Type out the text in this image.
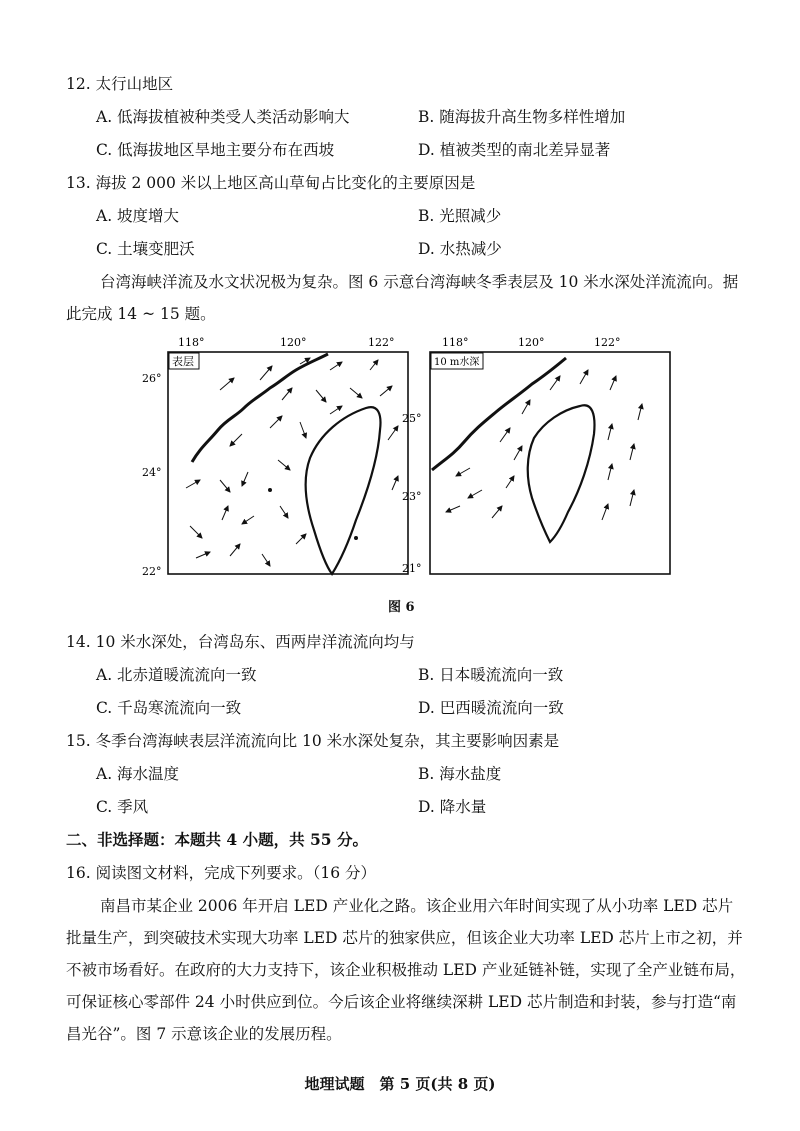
12. 太行山地区
A. 低海拔植被种类受人类活动影响大	B. 随海拔升高生物多样性增加
C. 低海拔地区旱地主要分布在西坡	D. 植被类型的南北差异显著
13. 海拔 2 000 米以上地区高山草甸占比变化的主要原因是
A. 坡度增大	B. 光照减少
C. 土壤变肥沃	D. 水热减少
台湾海峡洋流及水文状况极为复杂。图 6 示意台湾海峡冬季表层及 10 米水深处洋流流向。据此完成 14 ~ 15 题。
118°	120°	122°
26°
24°
22°
表层
118°	120°	122°
25°
23°
21°
10 m水深
图 6
14. 10 米水深处，台湾岛东、西两岸洋流流向均与
A. 北赤道暖流流向一致	B. 日本暖流流向一致
C. 千岛寒流流向一致	D. 巴西暖流流向一致
15. 冬季台湾海峡表层洋流流向比 10 米水深处复杂，其主要影响因素是
A. 海水温度	B. 海水盐度
C. 季风	D. 降水量
二、非选择题：本题共 4 小题，共 55 分。
16. 阅读图文材料，完成下列要求。（16 分）
南昌市某企业 2006 年开启 LED 产业化之路。该企业用六年时间实现了从小功率 LED 芯片批量生产，到突破技术实现大功率 LED 芯片的独家供应，但该企业大功率 LED 芯片上市之初，并不被市场看好。在政府的大力支持下，该企业积极推动 LED 产业延链补链，实现了全产业链布局，可保证核心零部件 24 小时供应到位。今后该企业将继续深耕 LED 芯片制造和封装，参与打造“南昌光谷”。图 7 示意该企业的发展历程。
地理试题　第 5 页(共 8 页)
